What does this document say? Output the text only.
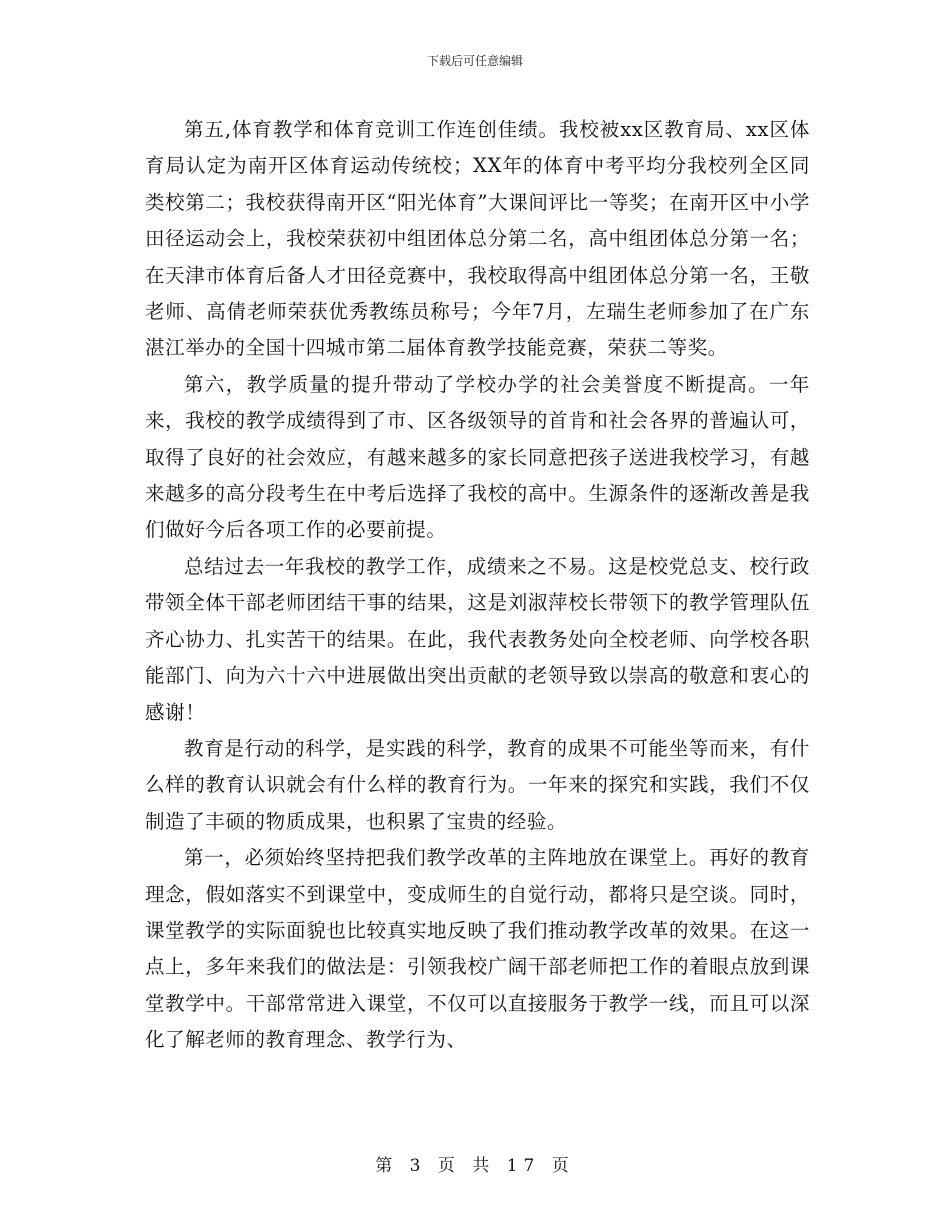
下载后可任意编辑

第五,体育教学和体育竞训工作连创佳绩。我校被xx区教育局、xx区体育局认定为南开区体育运动传统校；XX年的体育中考平均分我校列全区同类校第二；我校获得南开区“阳光体育”大课间评比一等奖；在南开区中小学田径运动会上，我校荣获初中组团体总分第二名，高中组团体总分第一名；在天津市体育后备人才田径竞赛中，我校取得高中组团体总分第一名，王敬老师、高倩老师荣获优秀教练员称号；今年7月，左瑞生老师参加了在广东湛江举办的全国十四城市第二届体育教学技能竞赛，荣获二等奖。

第六，教学质量的提升带动了学校办学的社会美誉度不断提高。一年来，我校的教学成绩得到了市、区各级领导的首肯和社会各界的普遍认可，取得了良好的社会效应，有越来越多的家长同意把孩子送进我校学习，有越来越多的高分段考生在中考后选择了我校的高中。生源条件的逐渐改善是我们做好今后各项工作的必要前提。

总结过去一年我校的教学工作，成绩来之不易。这是校党总支、校行政带领全体干部老师团结干事的结果，这是刘淑萍校长带领下的教学管理队伍齐心协力、扎实苦干的结果。在此，我代表教务处向全校老师、向学校各职能部门、向为六十六中进展做出突出贡献的老领导致以崇高的敬意和衷心的感谢！

教育是行动的科学，是实践的科学，教育的成果不可能坐等而来，有什么样的教育认识就会有什么样的教育行为。一年来的探究和实践，我们不仅制造了丰硕的物质成果，也积累了宝贵的经验。

第一，必须始终坚持把我们教学改革的主阵地放在课堂上。再好的教育理念，假如落实不到课堂中，变成师生的自觉行动，都将只是空谈。同时，课堂教学的实际面貌也比较真实地反映了我们推动教学改革的效果。在这一点上，多年来我们的做法是：引领我校广阔干部老师把工作的着眼点放到课堂教学中。干部常常进入课堂，不仅可以直接服务于教学一线，而且可以深化了解老师的教育理念、教学行为、

第 3 页 共 17 页
